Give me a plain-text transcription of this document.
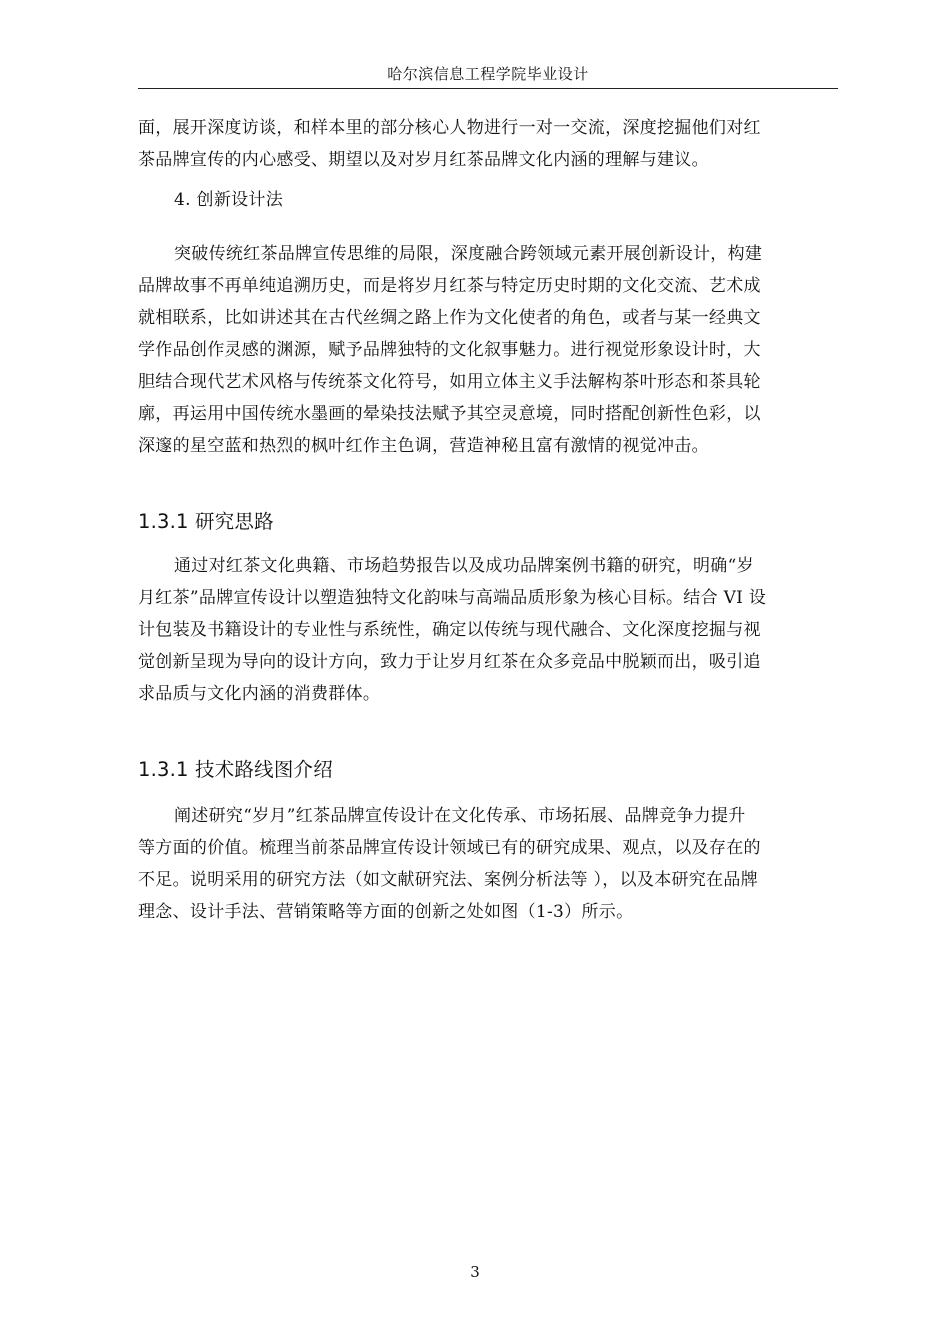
哈尔滨信息工程学院毕业设计

面，展开深度访谈，和样本里的部分核心人物进行一对一交流，深度挖掘他们对红
茶品牌宣传的内心感受、期望以及对岁月红茶品牌文化内涵的理解与建议。

4. 创新设计法

突破传统红茶品牌宣传思维的局限，深度融合跨领域元素开展创新设计，构建
品牌故事不再单纯追溯历史，而是将岁月红茶与特定历史时期的文化交流、艺术成
就相联系，比如讲述其在古代丝绸之路上作为文化使者的角色，或者与某一经典文
学作品创作灵感的渊源，赋予品牌独特的文化叙事魅力。进行视觉形象设计时，大
胆结合现代艺术风格与传统茶文化符号，如用立体主义手法解构茶叶形态和茶具轮
廓，再运用中国传统水墨画的晕染技法赋予其空灵意境，同时搭配创新性色彩，以
深邃的星空蓝和热烈的枫叶红作主色调，营造神秘且富有激情的视觉冲击。

1.3.1 研究思路

通过对红茶文化典籍、市场趋势报告以及成功品牌案例书籍的研究，明确“岁
月红茶”品牌宣传设计以塑造独特文化韵味与高端品质形象为核心目标。结合 VI 设
计包装及书籍设计的专业性与系统性，确定以传统与现代融合、文化深度挖掘与视
觉创新呈现为导向的设计方向，致力于让岁月红茶在众多竞品中脱颖而出，吸引追
求品质与文化内涵的消费群体。

1.3.1 技术路线图介绍

阐述研究“岁月”红茶品牌宣传设计在文化传承、市场拓展、品牌竞争力提升
等方面的价值。梳理当前茶品牌宣传设计领域已有的研究成果、观点，以及存在的
不足。说明采用的研究方法（如文献研究法、案例分析法等 ），以及本研究在品牌
理念、设计手法、营销策略等方面的创新之处如图（1-3）所示。

3
